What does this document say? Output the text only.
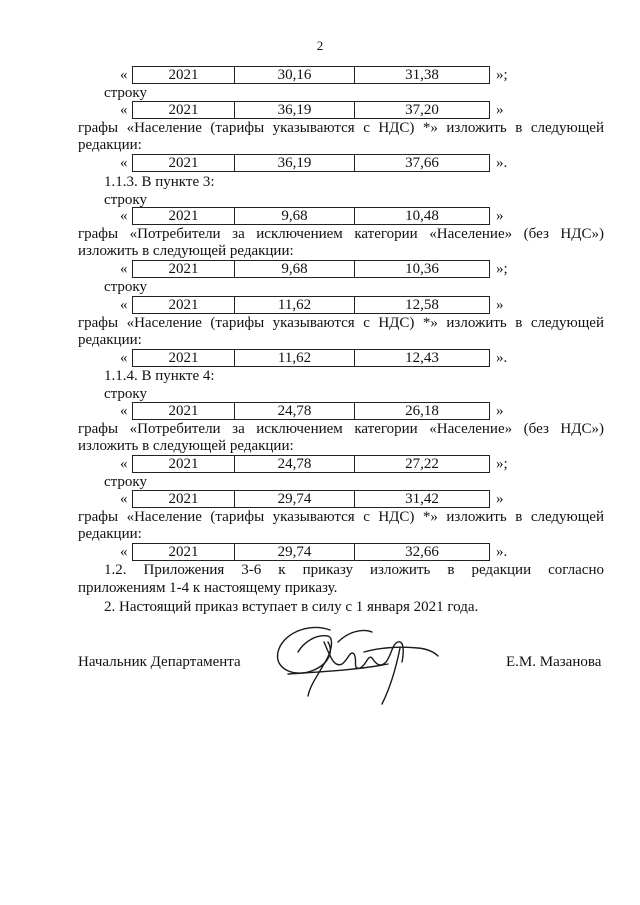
2
«	2021	30,16	31,38	»;
строку
«	2021	36,19	37,20	»
графы «Население (тарифы указываются с НДС) *» изложить в следующей
редакции:
«	2021	36,19	37,66	».
1.1.3. В пункте 3:
строку
«	2021	9,68	10,48	»
графы «Потребители за исключением категории «Население» (без НДС»)
изложить в следующей редакции:
«	2021	9,68	10,36	»;
строку
«	2021	11,62	12,58	»
графы «Население (тарифы указываются с НДС) *» изложить в следующей
редакции:
«	2021	11,62	12,43	».
1.1.4. В пункте 4:
строку
«	2021	24,78	26,18	»
графы «Потребители за исключением категории «Население» (без НДС»)
изложить в следующей редакции:
«	2021	24,78	27,22	»;
строку
«	2021	29,74	31,42	»
графы «Население (тарифы указываются с НДС) *» изложить в следующей
редакции:
«	2021	29,74	32,66	».
1.2. Приложения 3-6 к приказу изложить в редакции согласно
приложениям 1-4 к настоящему приказу.
2. Настоящий приказ вступает в силу с 1 января 2021 года.
Начальник Департамента	Е.М. Мазанова
